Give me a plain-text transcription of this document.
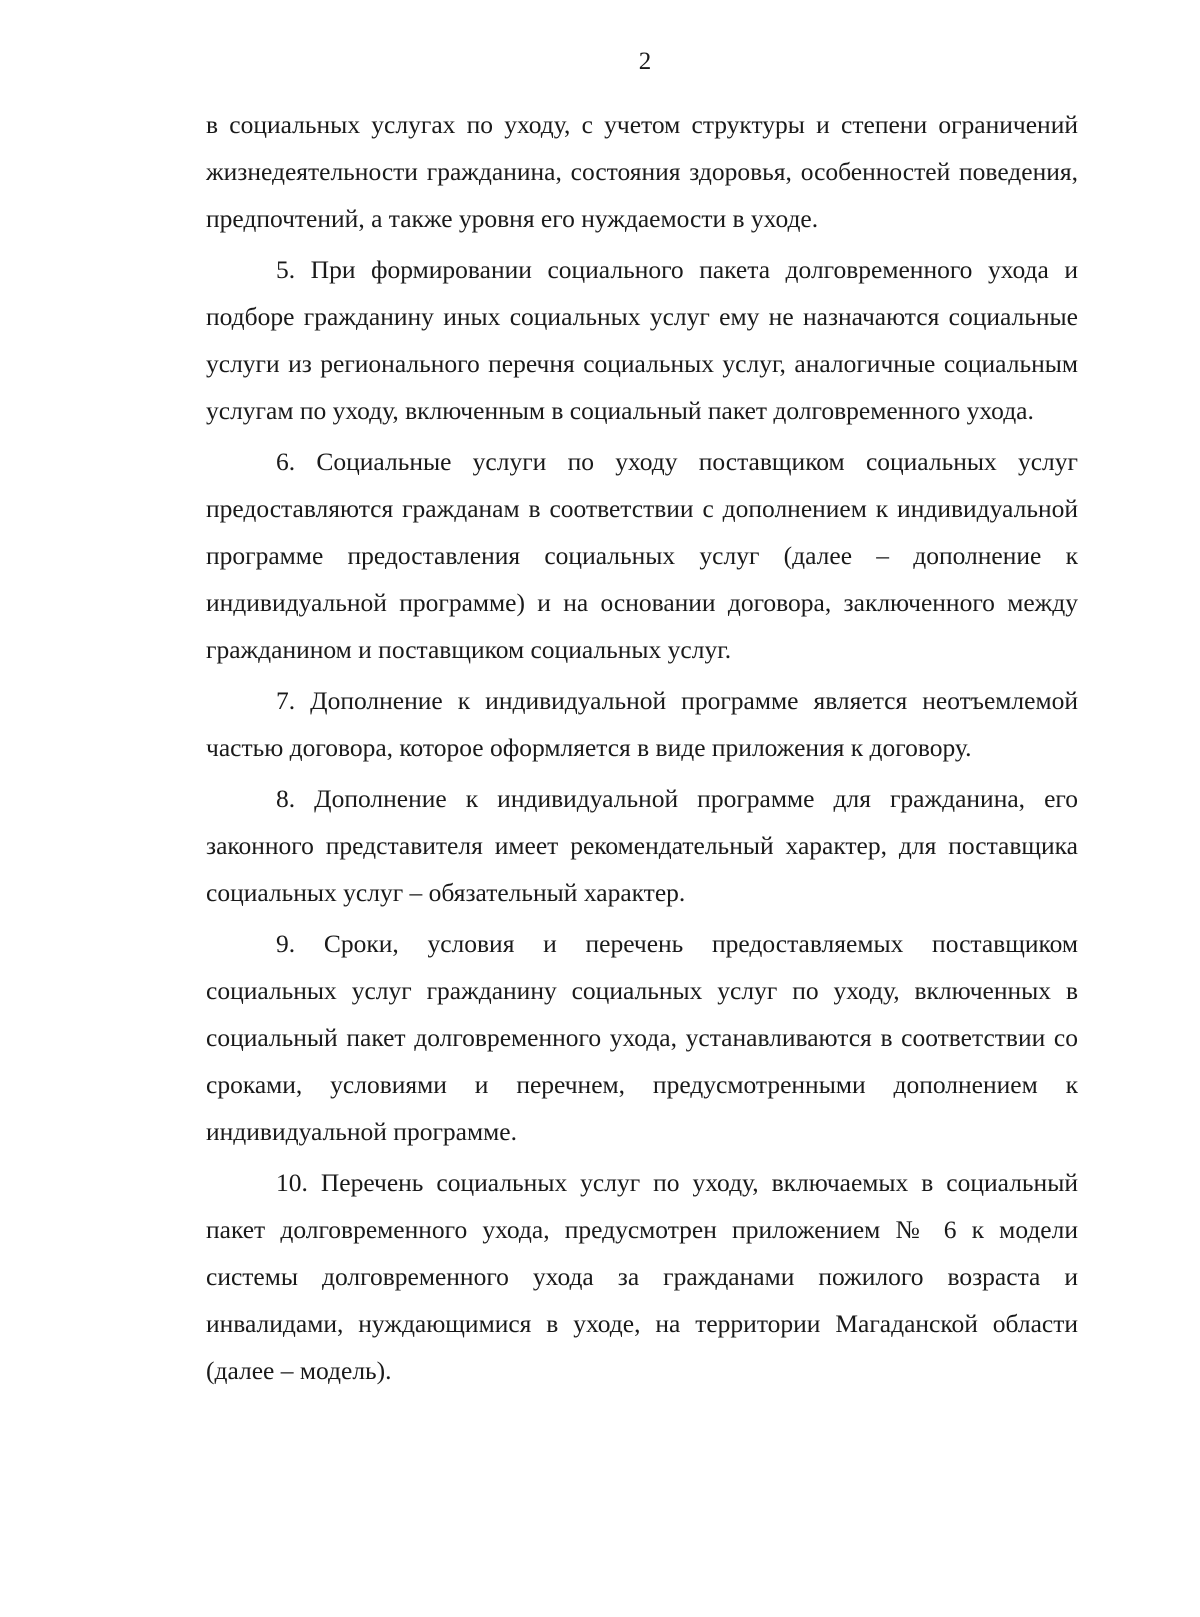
2

в социальных услугах по уходу, с учетом структуры и степени ограничений жизнедеятельности гражданина, состояния здоровья, особенностей поведения, предпочтений, а также уровня его нуждаемости в уходе.

5. При формировании социального пакета долговременного ухода и подборе гражданину иных социальных услуг ему не назначаются социальные услуги из регионального перечня социальных услуг, аналогичные социальным услугам по уходу, включенным в социальный пакет долговременного ухода.

6. Социальные услуги по уходу поставщиком социальных услуг предоставляются гражданам в соответствии с дополнением к индивидуальной программе предоставления социальных услуг (далее – дополнение к индивидуальной программе) и на основании договора, заключенного между гражданином и поставщиком социальных услуг.

7. Дополнение к индивидуальной программе является неотъемлемой частью договора, которое оформляется в виде приложения к договору.

8. Дополнение к индивидуальной программе для гражданина, его законного представителя имеет рекомендательный характер, для поставщика социальных услуг – обязательный характер.

9. Сроки, условия и перечень предоставляемых поставщиком социальных услуг гражданину социальных услуг по уходу, включенных в социальный пакет долговременного ухода, устанавливаются в соответствии со сроками, условиями и перечнем, предусмотренными дополнением к индивидуальной программе.

10. Перечень социальных услуг по уходу, включаемых в социальный пакет долговременного ухода, предусмотрен приложением № 6 к модели системы долговременного ухода за гражданами пожилого возраста и инвалидами, нуждающимися в уходе, на территории Магаданской области (далее – модель).
